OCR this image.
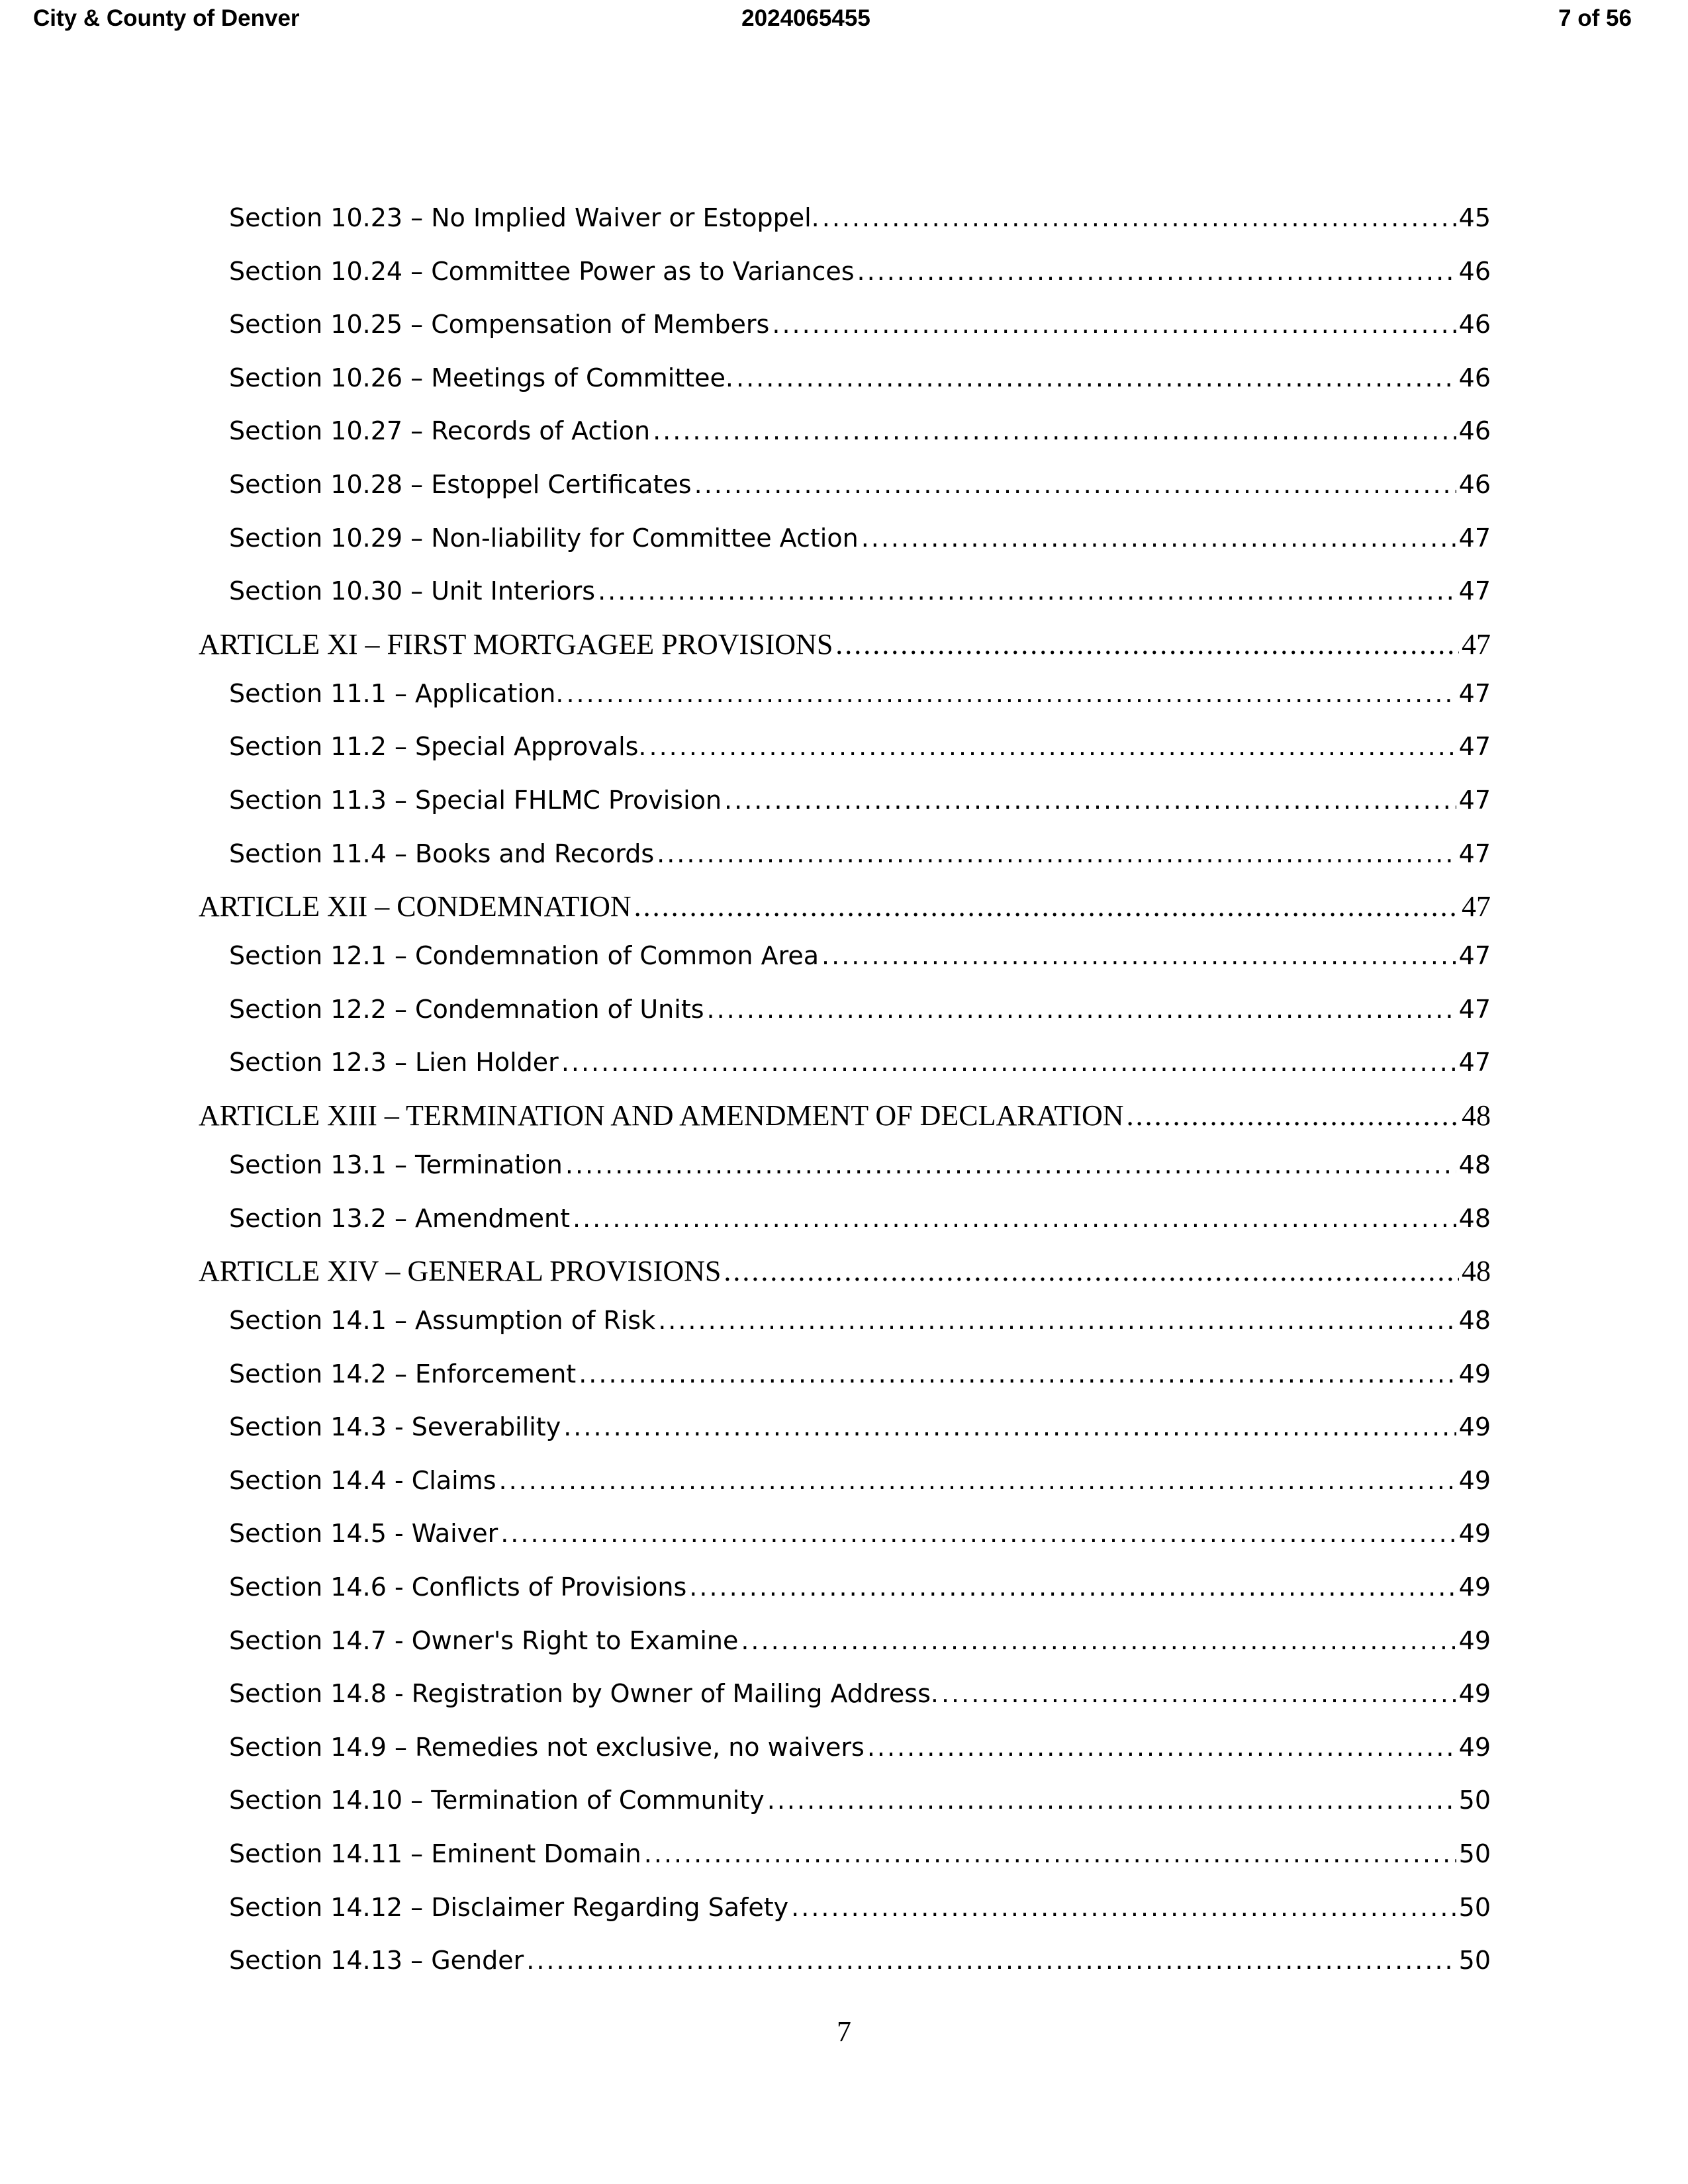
City & County of Denver	2024065455	7 of 56
Section 10.23 – No Implied Waiver or Estoppel. .....	45
Section 10.24 – Committee Power as to Variances .....	46
Section 10.25 – Compensation of Members .....	46
Section 10.26 – Meetings of Committee. .....	46
Section 10.27 – Records of Action .....	46
Section 10.28 – Estoppel Certificates .....	46
Section 10.29 – Non-liability for Committee Action .....	47
Section 10.30 – Unit Interiors .....	47
ARTICLE XI – FIRST MORTGAGEE PROVISIONS .....	47
Section 11.1 – Application. .....	47
Section 11.2 – Special Approvals. .....	47
Section 11.3 – Special FHLMC Provision .....	47
Section 11.4 – Books and Records .....	47
ARTICLE XII – CONDEMNATION .....	47
Section 12.1 – Condemnation of Common Area .....	47
Section 12.2 – Condemnation of Units .....	47
Section 12.3 – Lien Holder .....	47
ARTICLE XIII – TERMINATION AND AMENDMENT OF DECLARATION .....	48
Section 13.1 – Termination .....	48
Section 13.2 – Amendment .....	48
ARTICLE XIV – GENERAL PROVISIONS .....	48
Section 14.1 – Assumption of Risk .....	48
Section 14.2 – Enforcement .....	49
Section 14.3 - Severability .....	49
Section 14.4 - Claims .....	49
Section 14.5 - Waiver .....	49
Section 14.6 - Conflicts of Provisions .....	49
Section 14.7 - Owner's Right to Examine .....	49
Section 14.8 - Registration by Owner of Mailing Address. .....	49
Section 14.9 – Remedies not exclusive, no waivers .....	49
Section 14.10 – Termination of Community .....	50
Section 14.11 – Eminent Domain .....	50
Section 14.12 – Disclaimer Regarding Safety .....	50
Section 14.13 – Gender .....	50
7
